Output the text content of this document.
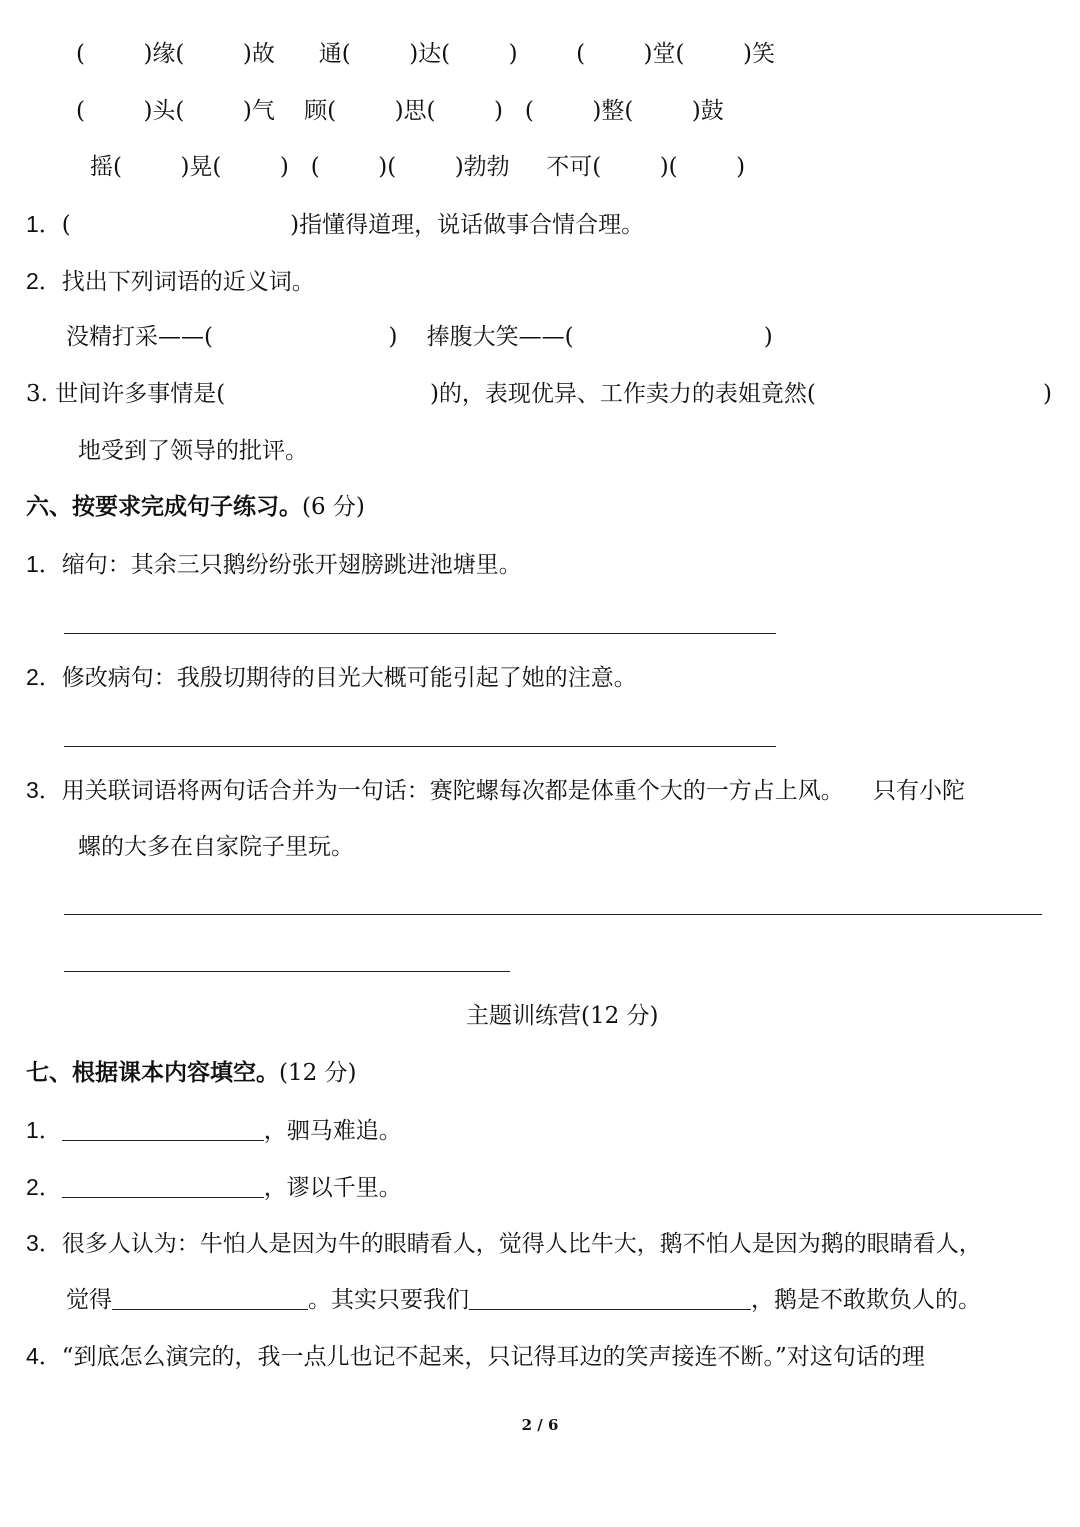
(        )缘(        )故      通(        )达(        )        (        )堂(        )笑
(        )头(        )气    顾(        )思(        )   (        )整(        )鼓
摇(        )晃(        )   (        )(        )勃勃     不可(        )(        )
1．(                              )指懂得道理，说话做事合情合理。
2．找出下列词语的近义词。
没精打采——(                        )    捧腹大笑——(                          )
3. 世间许多事情是(                            )的，表现优异、工作卖力的表姐竟然(	)
地受到了领导的批评。
六、按要求完成句子练习。(6 分)
1．缩句：其余三只鹅纷纷张开翅膀跳进池塘里。
2．修改病句：我殷切期待的目光大概可能引起了她的注意。
3．用关联词语将两句话合并为一句话：赛陀螺每次都是体重个大的一方占上风。    只有小陀
螺的大多在自家院子里玩。
主题训练营(12 分)
七、根据课本内容填空。(12 分)
1．	，驷马难追。
2．	，谬以千里。
3．很多人认为：牛怕人是因为牛的眼睛看人，觉得人比牛大，鹅不怕人是因为鹅的眼睛看人，
觉得	。其实只要我们	，鹅是不敢欺负人的。
4．“到底怎么演完的，我一点儿也记不起来，只记得耳边的笑声接连不断。”对这句话的理
2 / 6
